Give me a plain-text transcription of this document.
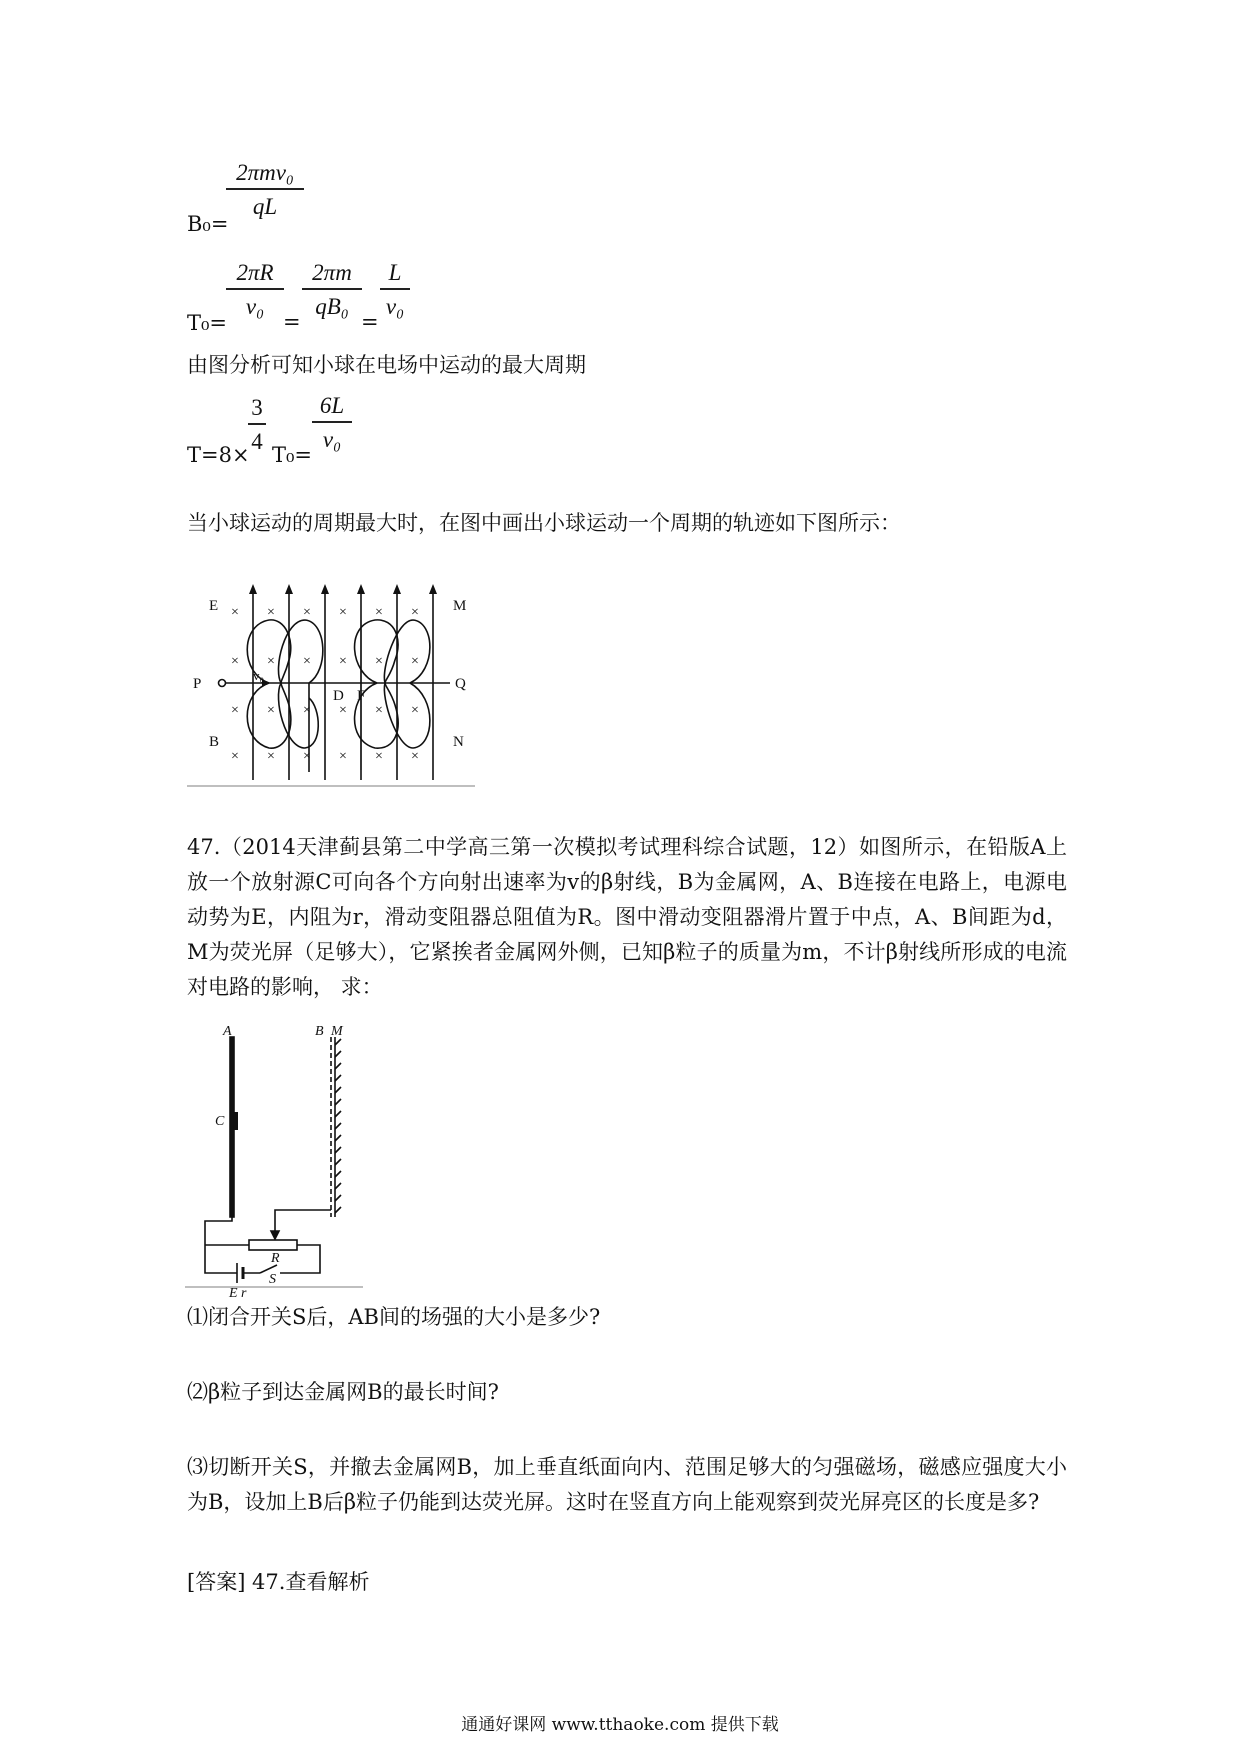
B₀=
2πmv₀
qL
T₀=
2πR
v₀
=
2πm
qB₀
=
L
v₀
由图分析可知小球在电场中运动的最大周期
T=8×
3
4
T₀=
6L
v₀
当小球运动的周期最大时，在图中画出小球运动一个周期的轨迹如下图所示：
E	M
P	Q
B	N
D F
v₀
× × × × × ×
× × × × × ×
× × × × × ×
× × × × × ×
47.（2014天津蓟县第二中学高三第一次模拟考试理科综合试题，12）如图所示，在铅版A上放一个放射源C可向各个方向射出速率为v的β射线，B为金属网，A、B连接在电路上，电源电动势为E，内阻为r，滑动变阻器总阻值为R。图中滑动变阻器滑片置于中点，A、B间距为d，M为荧光屏（足够大），它紧挨者金属网外侧，已知β粒子的质量为m，不计β射线所形成的电流对电路的影响， 求：
A	B M
C
R
S
E r
⑴闭合开关S后，AB间的场强的大小是多少?
⑵β粒子到达金属网B的最长时间?
⑶切断开关S，并撤去金属网B，加上垂直纸面向内、范围足够大的匀强磁场，磁感应强度大小为B，设加上B后β粒子仍能到达荧光屏。这时在竖直方向上能观察到荧光屏亮区的长度是多?
[答案] 47.查看解析
通通好课网 www.tthaoke.com 提供下载
